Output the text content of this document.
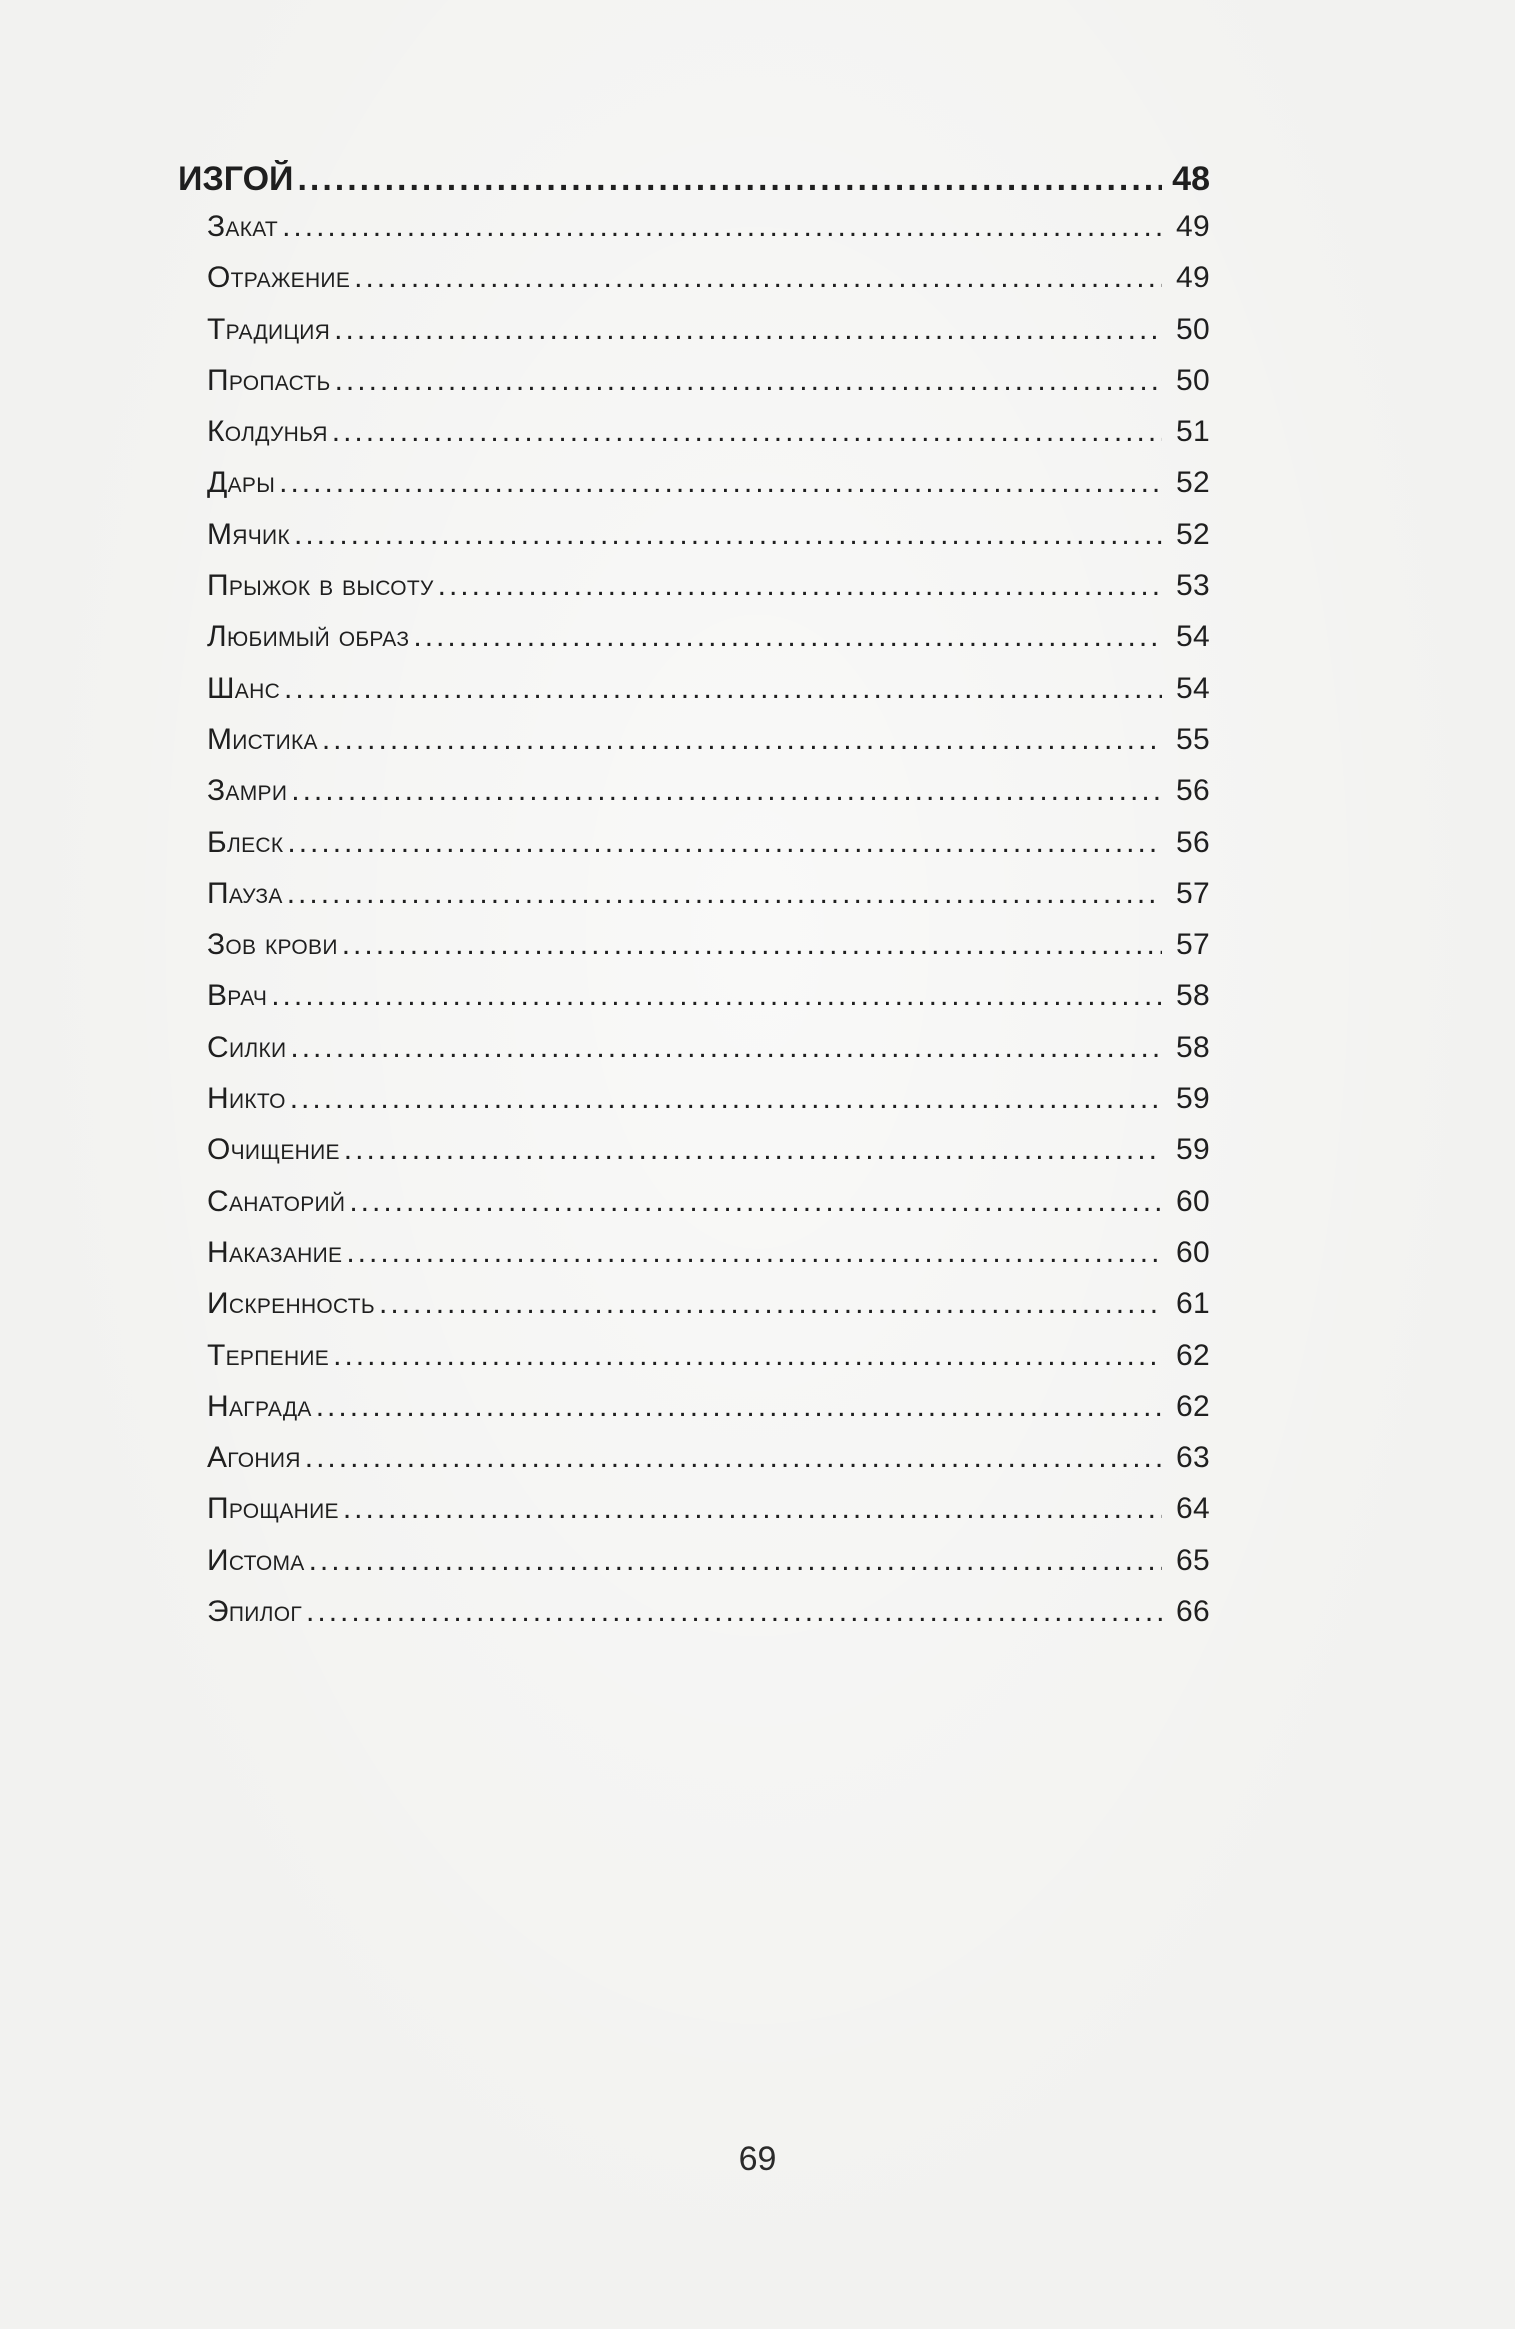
ИЗГОЙ .....	48
Закат .....	49
Отражение .....	49
Традиция .....	50
Пропасть .....	50
Колдунья .....	51
Дары .....	52
Мячик .....	52
Прыжок в высоту .....	53
Любимый образ .....	54
Шанс .....	54
Мистика .....	55
Замри .....	56
Блеск .....	56
Пауза .....	57
Зов крови .....	57
Врач .....	58
Силки .....	58
Никто .....	59
Очищение .....	59
Санаторий .....	60
Наказание .....	60
Искренность .....	61
Терпение .....	62
Награда .....	62
Агония .....	63
Прощание .....	64
Истома .....	65
Эпилог .....	66
69
